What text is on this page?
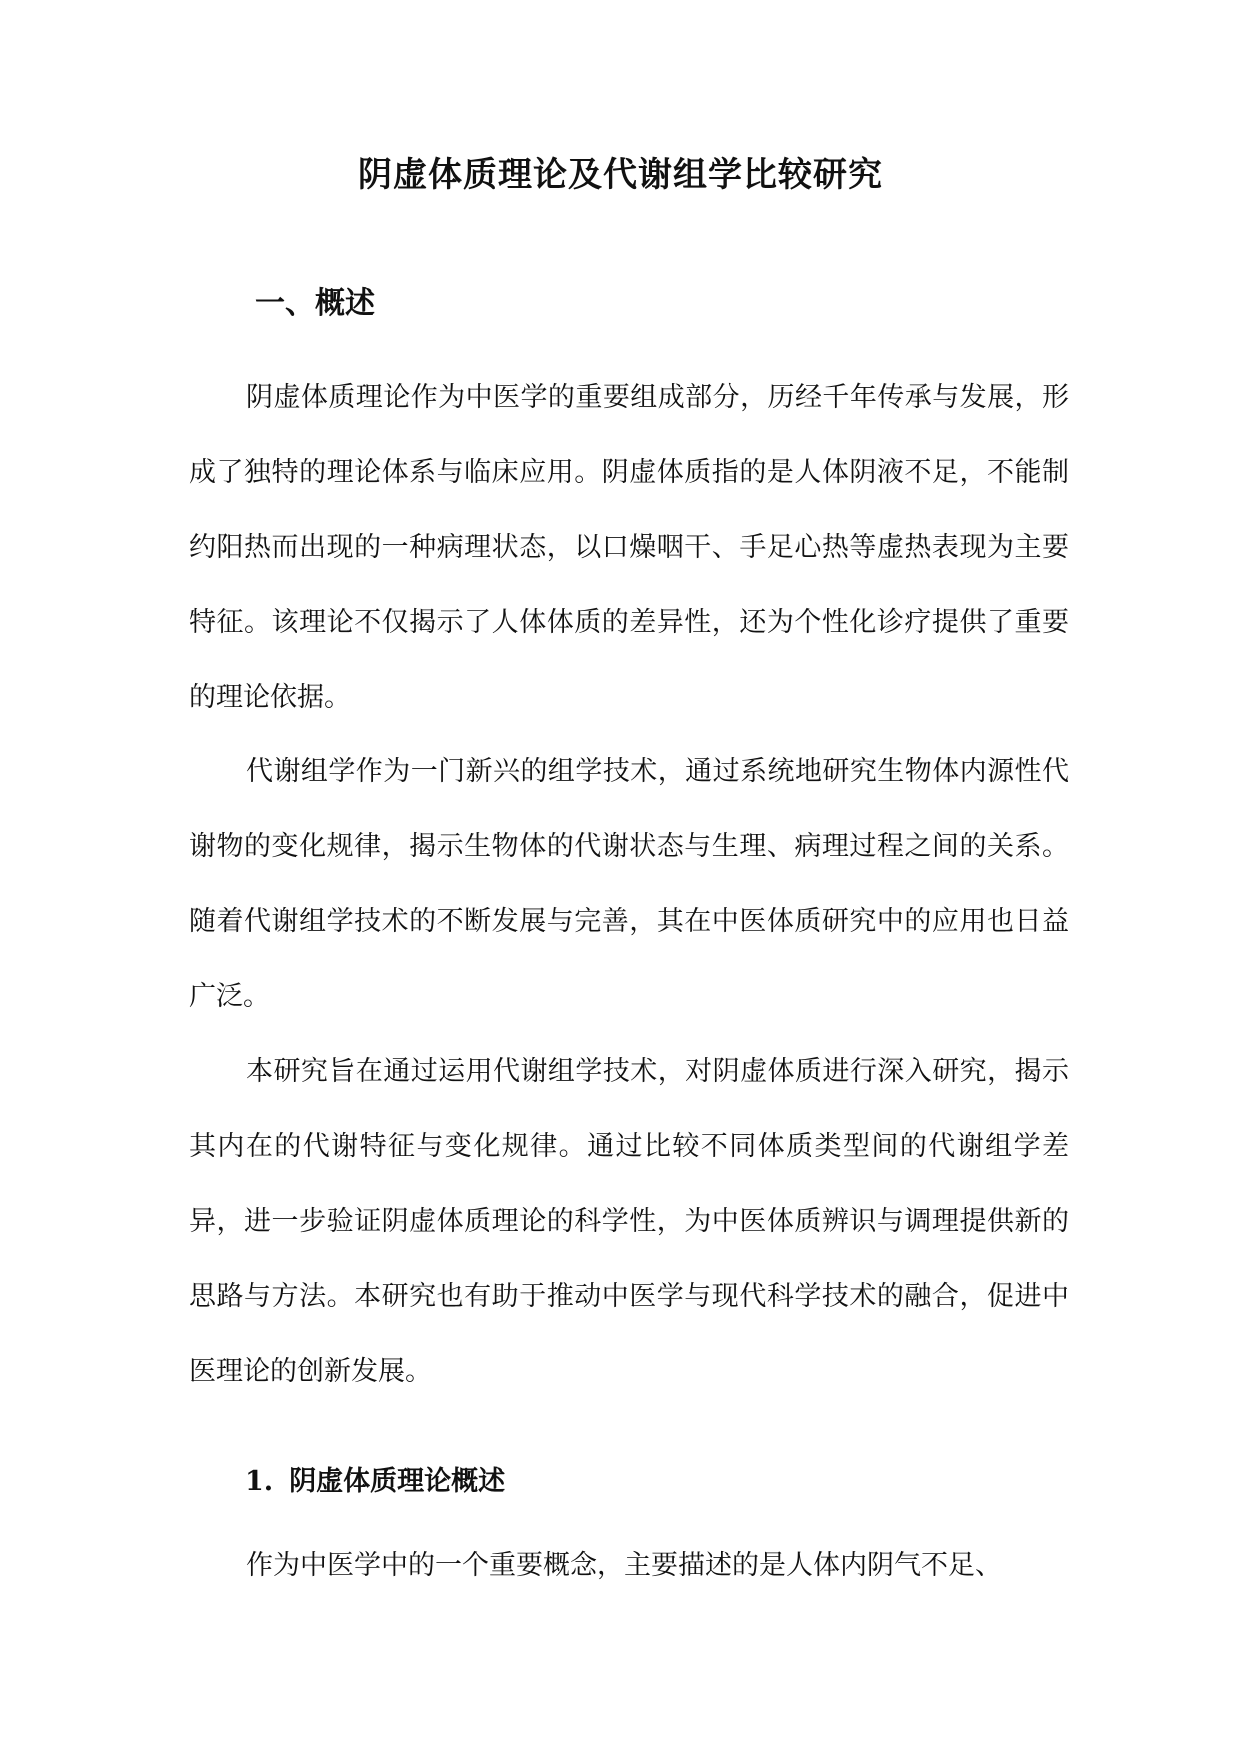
阴虚体质理论及代谢组学比较研究
一、概述

阴虚体质理论作为中医学的重要组成部分，历经千年传承与发展，形成了独特的理论体系与临床应用。阴虚体质指的是人体阴液不足，不能制约阳热而出现的一种病理状态，以口燥咽干、手足心热等虚热表现为主要特征。该理论不仅揭示了人体体质的差异性，还为个性化诊疗提供了重要的理论依据。

代谢组学作为一门新兴的组学技术，通过系统地研究生物体内源性代谢物的变化规律，揭示生物体的代谢状态与生理、病理过程之间的关系。随着代谢组学技术的不断发展与完善，其在中医体质研究中的应用也日益广泛。

本研究旨在通过运用代谢组学技术，对阴虚体质进行深入研究，揭示其内在的代谢特征与变化规律。通过比较不同体质类型间的代谢组学差异，进一步验证阴虚体质理论的科学性，为中医体质辨识与调理提供新的思路与方法。本研究也有助于推动中医学与现代科学技术的融合，促进中医理论的创新发展。

1. 阴虚体质理论概述

作为中医学中的一个重要概念，主要描述的是人体内阴气不足、
